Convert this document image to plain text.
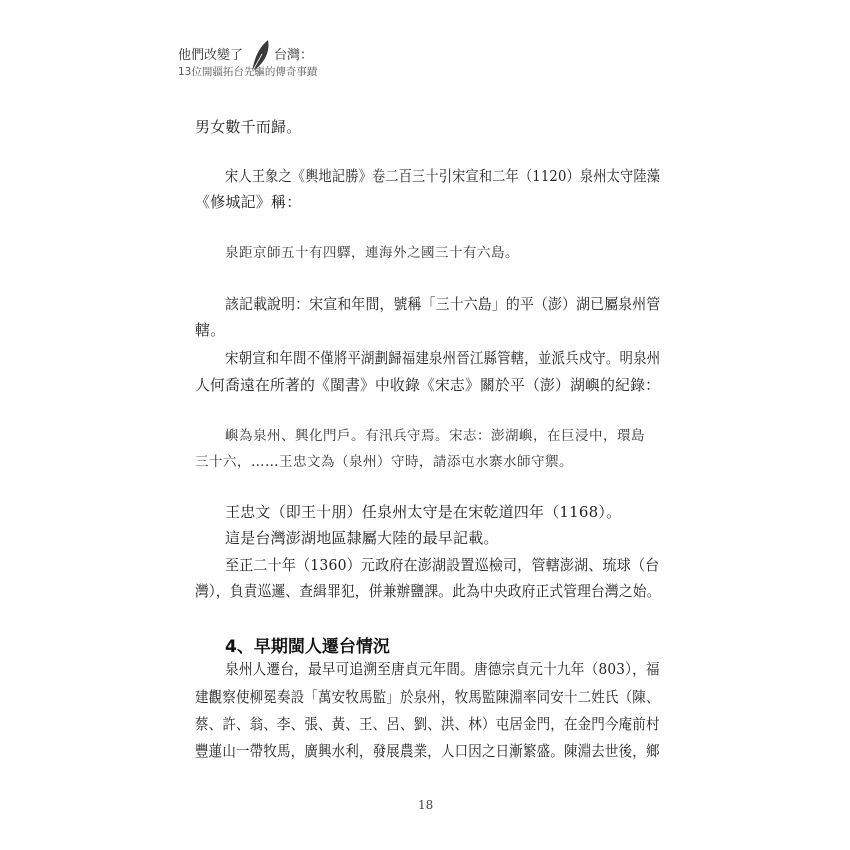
他們改變了 台灣：
13位開疆拓台先驅的傳奇事蹟
男女數千而歸。
宋人王象之《輿地記勝》卷二百三十引宋宣和二年（1120）泉州太守陸藻
《修城記》稱：
泉距京師五十有四驛，連海外之國三十有六島。
該記載說明：宋宣和年間，號稱「三十六島」的平（澎）湖已屬泉州管
轄。
宋朝宣和年間不僅將平湖劃歸福建泉州晉江縣管轄，並派兵戍守。明泉州
人何喬遠在所著的《閩書》中收錄《宋志》關於平（澎）湖嶼的紀錄：
嶼為泉州、興化門戶。有汛兵守焉。宋志：澎湖嶼，在巨浸中，環島
三十六，……王忠文為（泉州）守時，請添屯水寨水師守禦。
王忠文（即王十朋）任泉州太守是在宋乾道四年（1168）。
這是台灣澎湖地區隸屬大陸的最早記載。
至正二十年（1360）元政府在澎湖設置巡檢司，管轄澎湖、琉球（台
灣），負責巡邏、查緝罪犯，併兼辦鹽課。此為中央政府正式管理台灣之始。
4、早期閩人遷台情況
泉州人遷台，最早可追溯至唐貞元年間。唐德宗貞元十九年（803），福
建觀察使柳冕奏設「萬安牧馬監」於泉州，牧馬監陳淵率同安十二姓氏（陳、
蔡、許、翁、李、張、黃、王、呂、劉、洪、林）屯居金門，在金門今庵前村
豐蓮山一帶牧馬，廣興水利，發展農業，人口因之日漸繁盛。陳淵去世後，鄉
18
